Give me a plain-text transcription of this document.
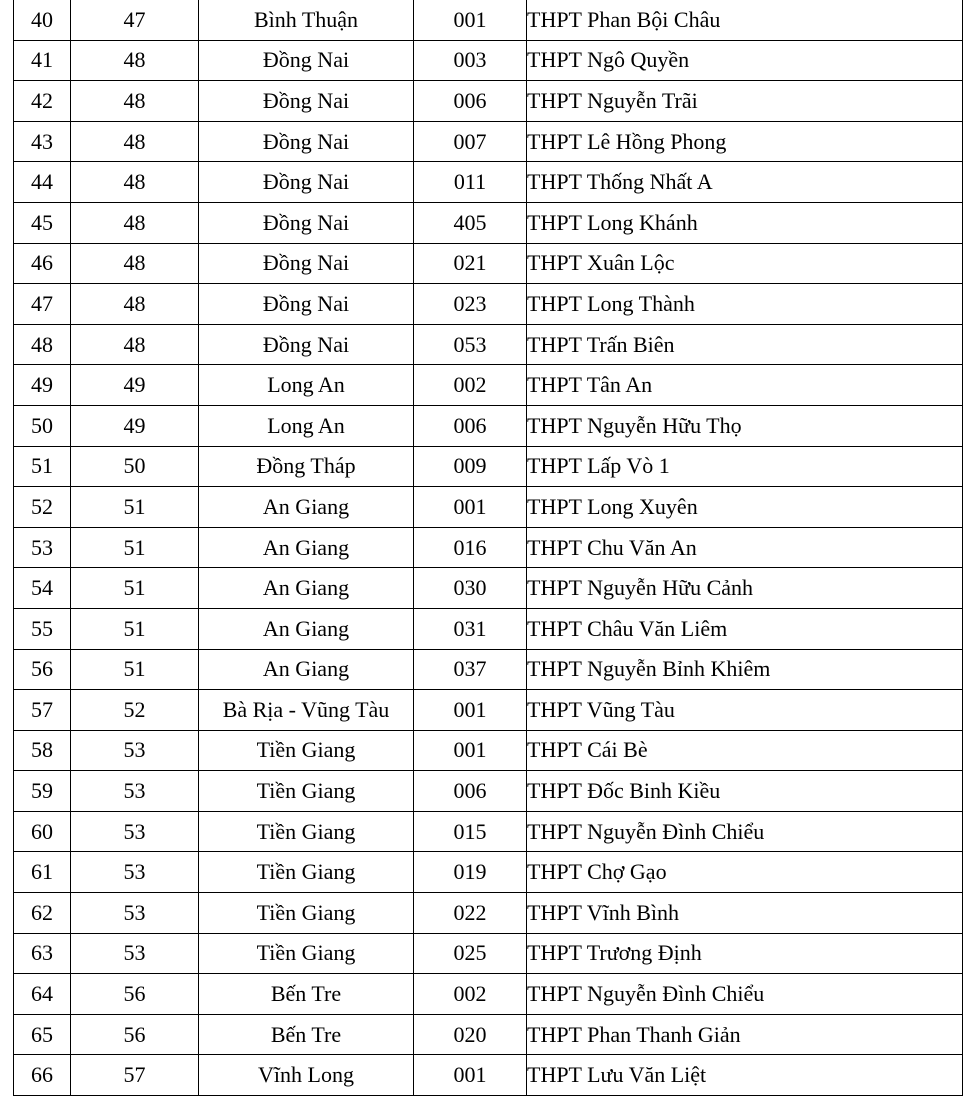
40	47	Bình Thuận	001	THPT Phan Bội Châu
41	48	Đồng Nai	003	THPT Ngô Quyền
42	48	Đồng Nai	006	THPT Nguyễn Trãi
43	48	Đồng Nai	007	THPT Lê Hồng Phong
44	48	Đồng Nai	011	THPT Thống Nhất A
45	48	Đồng Nai	405	THPT Long Khánh
46	48	Đồng Nai	021	THPT Xuân Lộc
47	48	Đồng Nai	023	THPT Long Thành
48	48	Đồng Nai	053	THPT Trấn Biên
49	49	Long An	002	THPT Tân An
50	49	Long An	006	THPT Nguyễn Hữu Thọ
51	50	Đồng Tháp	009	THPT Lấp Vò 1
52	51	An Giang	001	THPT Long Xuyên
53	51	An Giang	016	THPT Chu Văn An
54	51	An Giang	030	THPT Nguyễn Hữu Cảnh
55	51	An Giang	031	THPT Châu Văn Liêm
56	51	An Giang	037	THPT Nguyễn Bỉnh Khiêm
57	52	Bà Rịa - Vũng Tàu	001	THPT Vũng Tàu
58	53	Tiền Giang	001	THPT Cái Bè
59	53	Tiền Giang	006	THPT Đốc Binh Kiều
60	53	Tiền Giang	015	THPT Nguyễn Đình Chiểu
61	53	Tiền Giang	019	THPT Chợ Gạo
62	53	Tiền Giang	022	THPT Vĩnh Bình
63	53	Tiền Giang	025	THPT Trương Định
64	56	Bến Tre	002	THPT Nguyễn Đình Chiểu
65	56	Bến Tre	020	THPT Phan Thanh Giản
66	57	Vĩnh Long	001	THPT Lưu Văn Liệt
